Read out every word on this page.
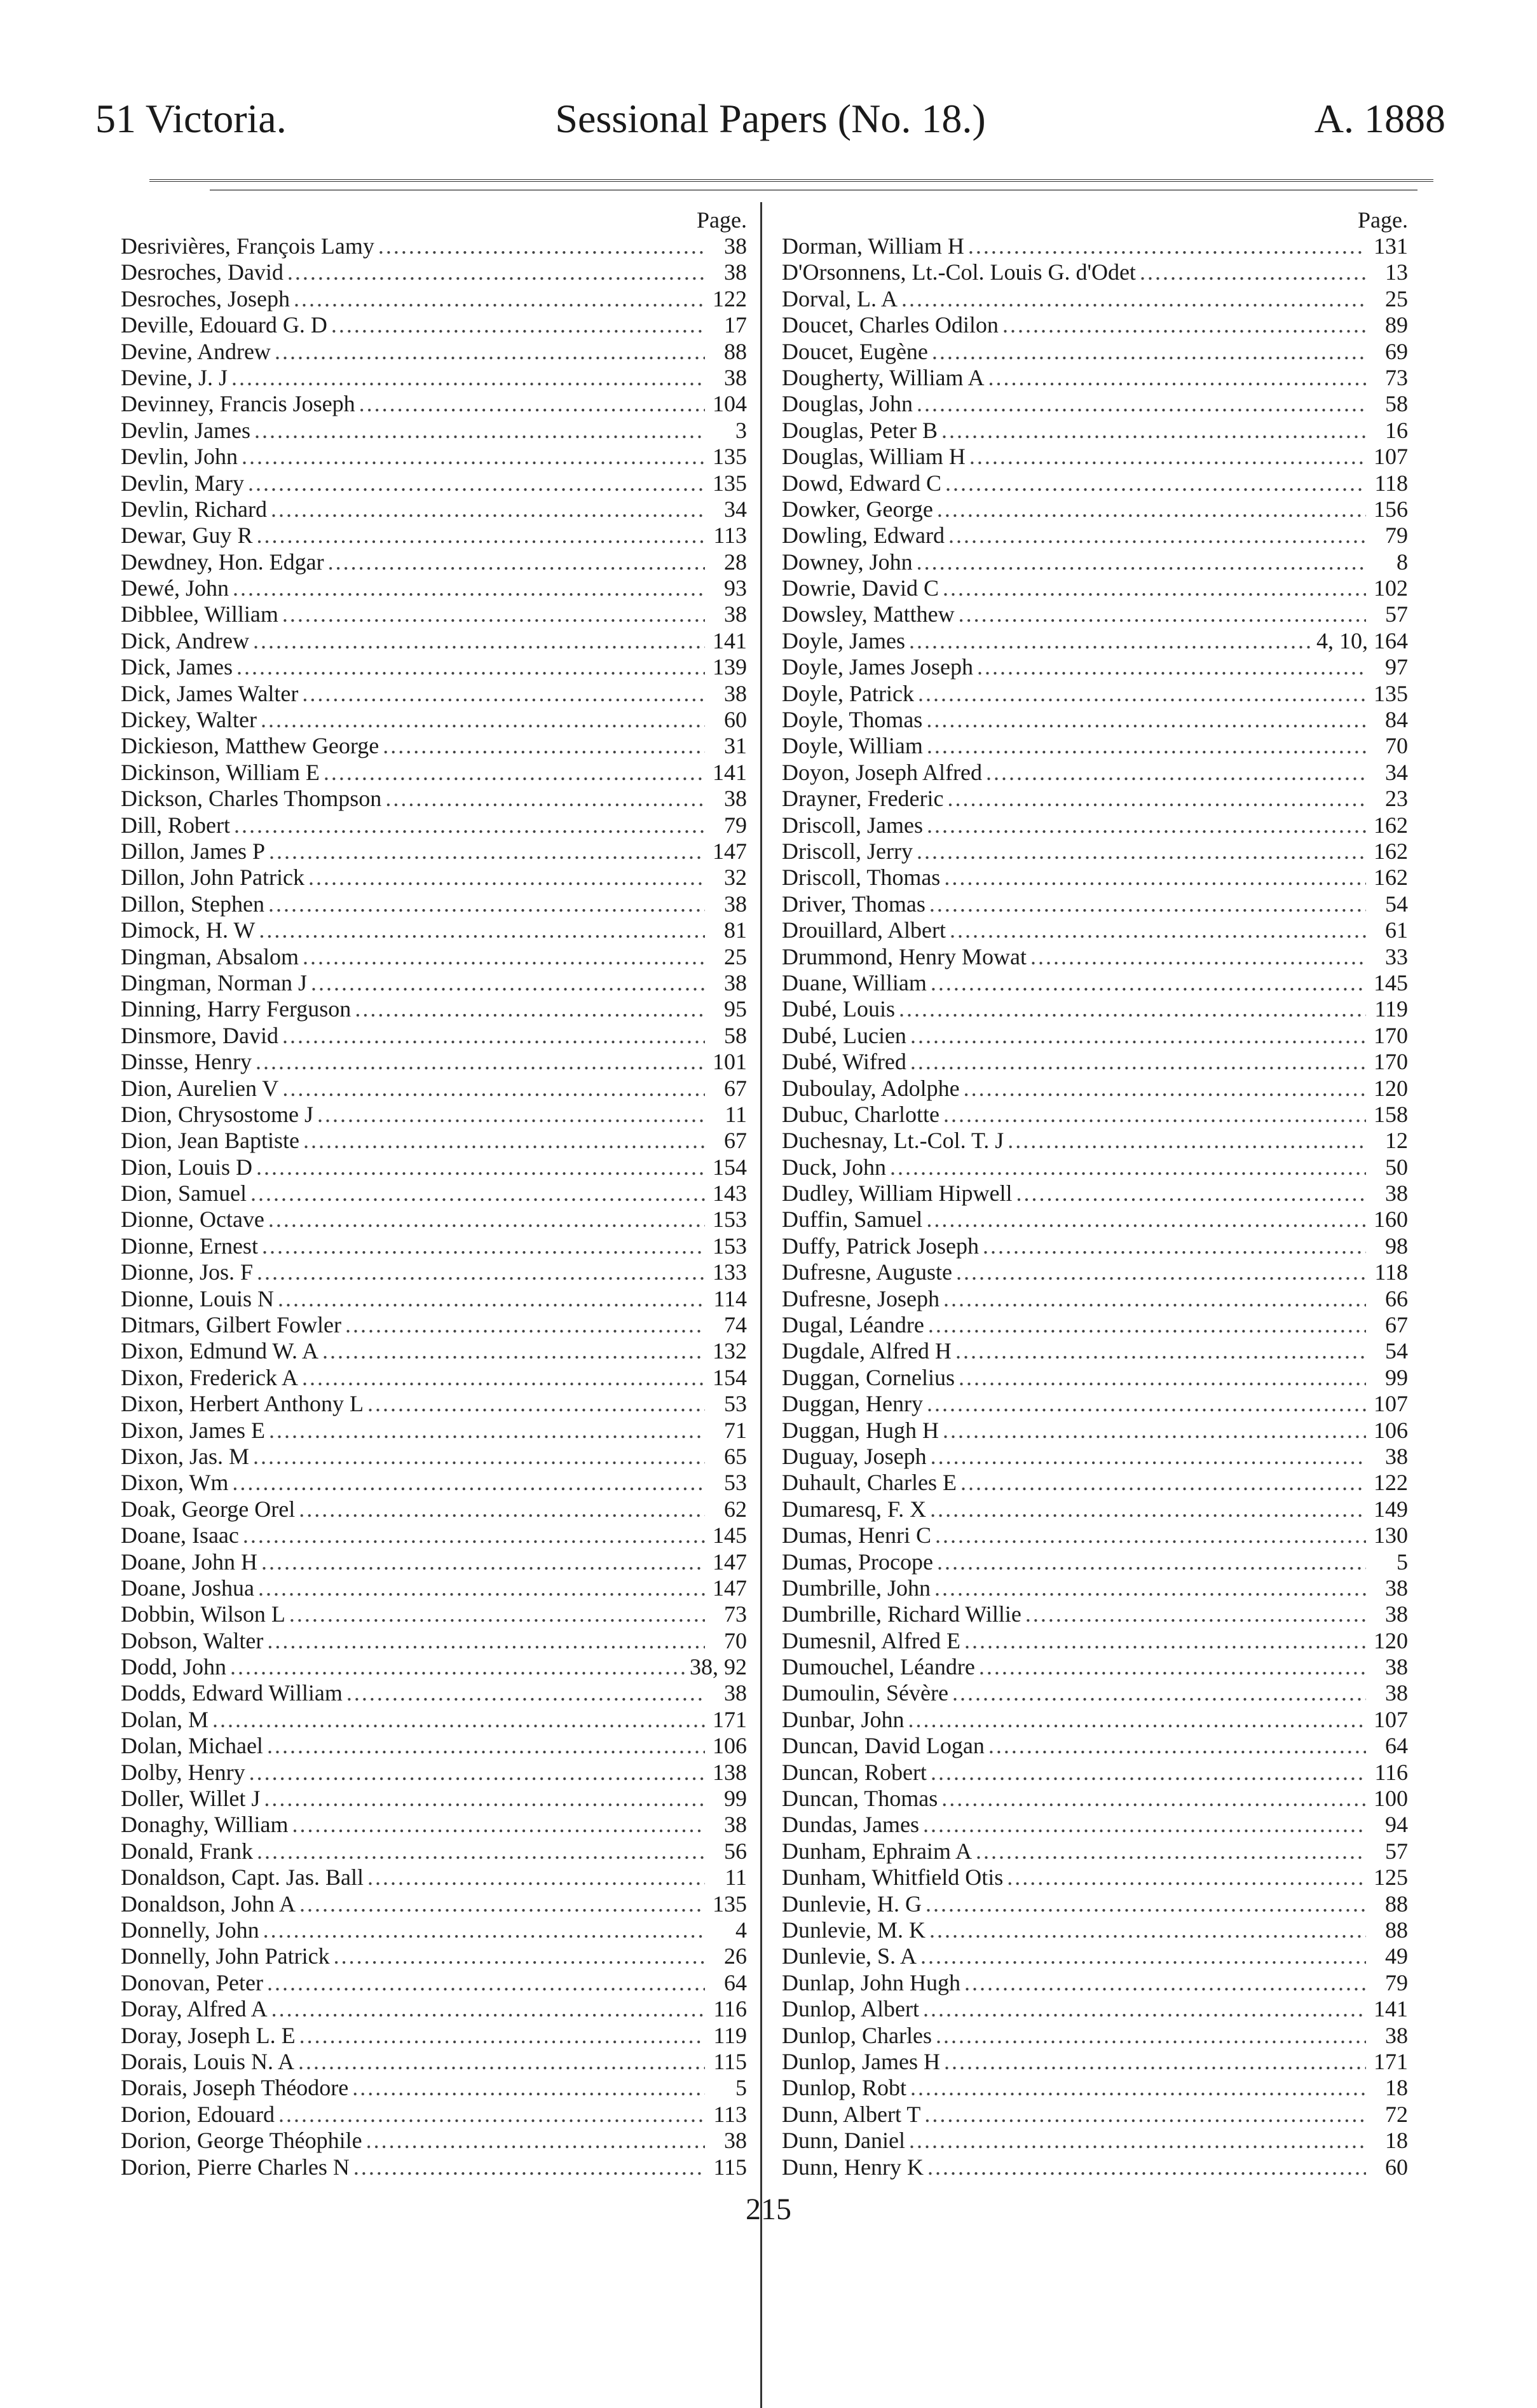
51 Victoria.	Sessional Papers (No. 18.)	A. 1888
Page.
Desrivières, François Lamy .....	38
Desroches, David .....	38
Desroches, Joseph .....	122
Deville, Edouard G. D .....	17
Devine, Andrew .....	88
Devine, J. J .....	38
Devinney, Francis Joseph .....	104
Devlin, James .....	3
Devlin, John .....	135
Devlin, Mary .....	135
Devlin, Richard .....	34
Dewar, Guy R .....	113
Dewdney, Hon. Edgar .....	28
Dewé, John .....	93
Dibblee, William .....	38
Dick, Andrew .....	141
Dick, James .....	139
Dick, James Walter .....	38
Dickey, Walter .....	60
Dickieson, Matthew George .....	31
Dickinson, William E .....	141
Dickson, Charles Thompson .....	38
Dill, Robert .....	79
Dillon, James P .....	147
Dillon, John Patrick .....	32
Dillon, Stephen .....	38
Dimock, H. W .....	81
Dingman, Absalom .....	25
Dingman, Norman J .....	38
Dinning, Harry Ferguson .....	95
Dinsmore, David .....	58
Dinsse, Henry .....	101
Dion, Aurelien V .....	67
Dion, Chrysostome J .....	11
Dion, Jean Baptiste .....	67
Dion, Louis D .....	154
Dion, Samuel .....	143
Dionne, Octave .....	153
Dionne, Ernest .....	153
Dionne, Jos. F .....	133
Dionne, Louis N .....	114
Ditmars, Gilbert Fowler .....	74
Dixon, Edmund W. A .....	132
Dixon, Frederick A .....	154
Dixon, Herbert Anthony L .....	53
Dixon, James E .....	71
Dixon, Jas. M .....	65
Dixon, Wm .....	53
Doak, George Orel .....	62
Doane, Isaac .....	145
Doane, John H .....	147
Doane, Joshua .....	147
Dobbin, Wilson L .....	73
Dobson, Walter .....	70
Dodd, John .....	38, 92
Dodds, Edward William .....	38
Dolan, M .....	171
Dolan, Michael .....	106
Dolby, Henry .....	138
Doller, Willet J .....	99
Donaghy, William .....	38
Donald, Frank .....	56
Donaldson, Capt. Jas. Ball .....	11
Donaldson, John A .....	135
Donnelly, John .....	4
Donnelly, John Patrick .....	26
Donovan, Peter .....	64
Doray, Alfred A .....	116
Doray, Joseph L. E .....	119
Dorais, Louis N. A .....	115
Dorais, Joseph Théodore .....	5
Dorion, Edouard .....	113
Dorion, George Théophile .....	38
Dorion, Pierre Charles N .....	115
Page.
Dorman, William H .....	131
D'Orsonnens, Lt.-Col. Louis G. d'Odet .....	13
Dorval, L. A .....	25
Doucet, Charles Odilon .....	89
Doucet, Eugène .....	69
Dougherty, William A .....	73
Douglas, John .....	58
Douglas, Peter B .....	16
Douglas, William H .....	107
Dowd, Edward C .....	118
Dowker, George .....	156
Dowling, Edward .....	79
Downey, John .....	8
Dowrie, David C .....	102
Dowsley, Matthew .....	57
Doyle, James .....	4, 10, 164
Doyle, James Joseph .....	97
Doyle, Patrick .....	135
Doyle, Thomas .....	84
Doyle, William .....	70
Doyon, Joseph Alfred .....	34
Drayner, Frederic .....	23
Driscoll, James .....	162
Driscoll, Jerry .....	162
Driscoll, Thomas .....	162
Driver, Thomas .....	54
Drouillard, Albert .....	61
Drummond, Henry Mowat .....	33
Duane, William .....	145
Dubé, Louis .....	119
Dubé, Lucien .....	170
Dubé, Wifred .....	170
Duboulay, Adolphe .....	120
Dubuc, Charlotte .....	158
Duchesnay, Lt.-Col. T. J .....	12
Duck, John .....	50
Dudley, William Hipwell .....	38
Duffin, Samuel .....	160
Duffy, Patrick Joseph .....	98
Dufresne, Auguste .....	118
Dufresne, Joseph .....	66
Dugal, Léandre .....	67
Dugdale, Alfred H .....	54
Duggan, Cornelius .....	99
Duggan, Henry .....	107
Duggan, Hugh H .....	106
Duguay, Joseph .....	38
Duhault, Charles E .....	122
Dumaresq, F. X .....	149
Dumas, Henri C .....	130
Dumas, Procope .....	5
Dumbrille, John .....	38
Dumbrille, Richard Willie .....	38
Dumesnil, Alfred E .....	120
Dumouchel, Léandre .....	38
Dumoulin, Sévère .....	38
Dunbar, John .....	107
Duncan, David Logan .....	64
Duncan, Robert .....	116
Duncan, Thomas .....	100
Dundas, James .....	94
Dunham, Ephraim A .....	57
Dunham, Whitfield Otis .....	125
Dunlevie, H. G .....	88
Dunlevie, M. K .....	88
Dunlevie, S. A .....	49
Dunlap, John Hugh .....	79
Dunlop, Albert .....	141
Dunlop, Charles .....	38
Dunlop, James H .....	171
Dunlop, Robt .....	18
Dunn, Albert T .....	72
Dunn, Daniel .....	18
Dunn, Henry K .....	60
215
